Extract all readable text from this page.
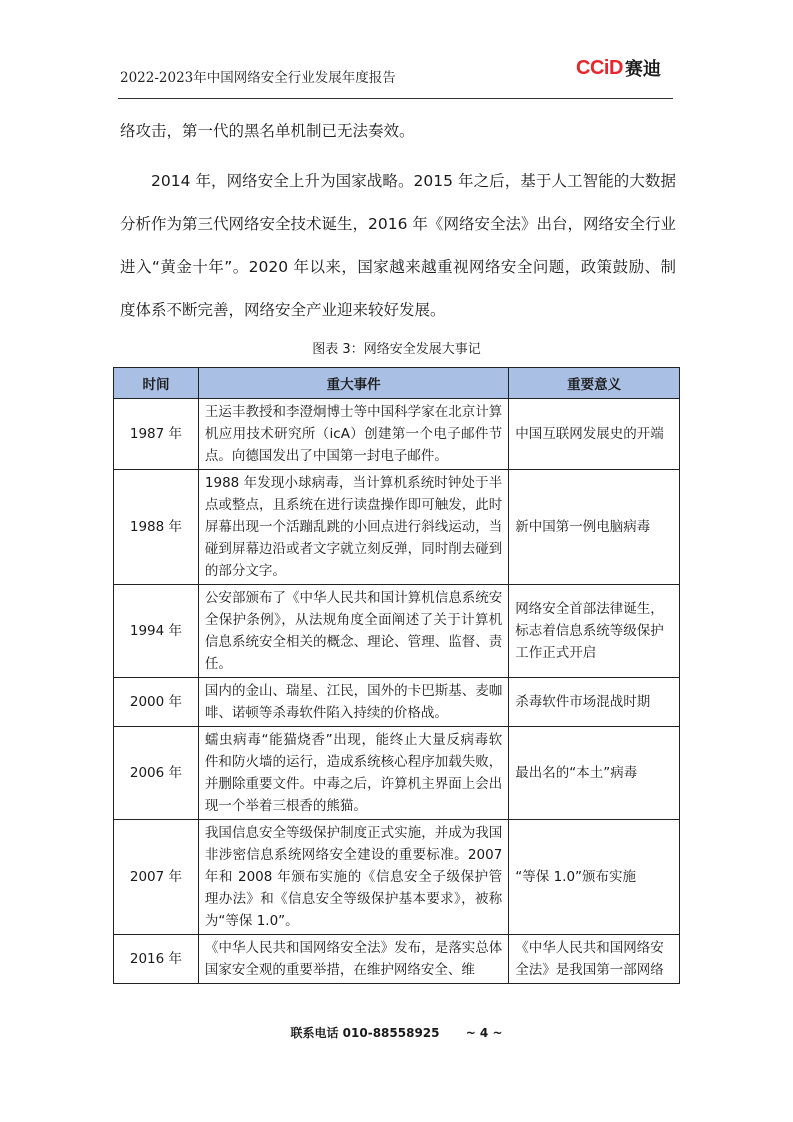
2022-2023年中国网络安全行业发展年度报告	CCiD 赛迪
络攻击，第一代的黑名单机制已无法奏效。
2014 年，网络安全上升为国家战略。2015 年之后，基于人工智能的大数据分析作为第三代网络安全技术诞生，2016 年《网络安全法》出台，网络安全行业进入“黄金十年”。2020 年以来，国家越来越重视网络安全问题，政策鼓励、制度体系不断完善，网络安全产业迎来较好发展。
图表 3：网络安全发展大事记
时间	重大事件	重要意义
1987 年	王运丰教授和李澄炯博士等中国科学家在北京计算机应用技术研究所（icA）创建第一个电子邮件节点。向德国发出了中国第一封电子邮件。	中国互联网发展史的开端
1988 年	1988 年发现小球病毒，当计算机系统时钟处于半点或整点，且系统在进行读盘操作即可触发，此时屏幕出现一个活蹦乱跳的小回点进行斜线运动，当碰到屏幕边沿或者文字就立刻反弹，同时削去碰到的部分文字。	新中国第一例电脑病毒
1994 年	公安部颁布了《中华人民共和国计算机信息系统安全保护条例》，从法规角度全面阐述了关于计算机信息系统安全相关的概念、理论、管理、监督、责任。	网络安全首部法律诞生，标志着信息系统等级保护工作正式开启
2000 年	国内的金山、瑞星、江民，国外的卡巴斯基、麦咖啡、诺顿等杀毒软件陷入持续的价格战。	杀毒软件市场混战时期
2006 年	蠕虫病毒“能猫烧香”出现，能终止大量反病毒软件和防火墙的运行，造成系统核心程序加载失败，并删除重要文件。中毒之后，许算机主界面上会出现一个举着三根香的熊猫。	最出名的“本土”病毒
2007 年	我国信息安全等级保护制度正式实施，并成为我国非涉密信息系统网络安全建设的重要标准。2007 年和 2008 年颁布实施的《信息安全子级保护管理办法》和《信息安全等级保护基本要求》，被称为“等保 1.0”。	“等保 1.0”颁布实施
2016 年	《中华人民共和国网络安全法》发布，是落实总体国家安全观的重要举措，在维护网络安全、维	《中华人民共和国网络安全法》是我国第一部网络
联系电话 010-88558925 ~ 4 ~
